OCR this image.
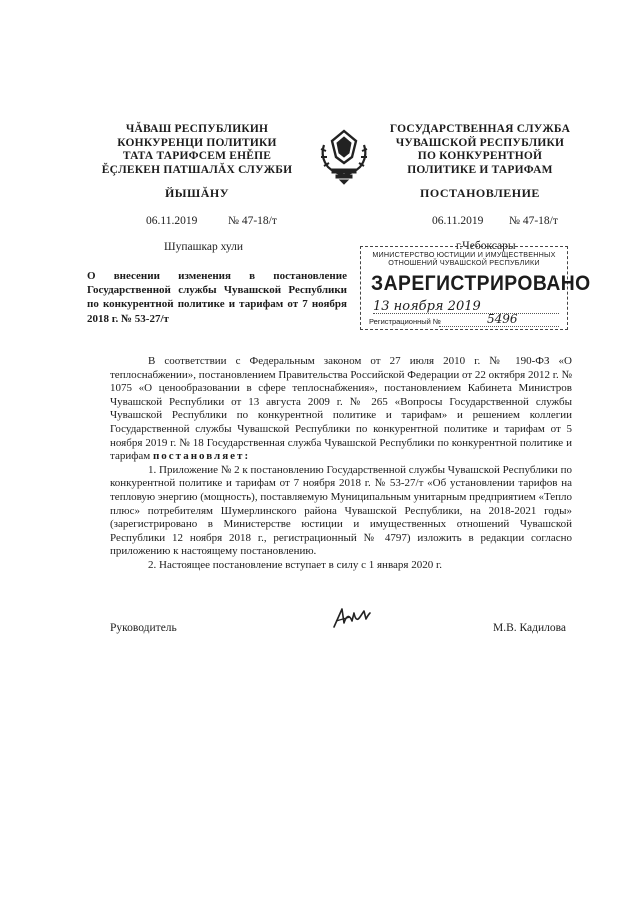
ЧĂВАШ РЕСПУБЛИКИН
КОНКУРЕНЦИ ПОЛИТИКИ
ТАТА ТАРИФСЕМ ЕНĚПЕ
ĔÇЛЕКЕН ПАТШАЛĂХ СЛУЖБИ
ГОСУДАРСТВЕННАЯ СЛУЖБА
ЧУВАШСКОЙ РЕСПУБЛИКИ
ПО КОНКУРЕНТНОЙ
ПОЛИТИКЕ И ТАРИФАМ
ЙЫШĂНУ	ПОСТАНОВЛЕНИЕ
06.11.2019	№ 47-18/т	06.11.2019 № 47-18/т
Шупашкар хули	г.Чебоксары
О внесении изменения в постановление Государственной службы Чувашской Республики по конкурентной политике и тарифам от 7 ноября 2018 г. № 53-27/т
МИНИСТЕРСТВО ЮСТИЦИИ И ИМУЩЕСТВЕННЫХ
ОТНОШЕНИЙ ЧУВАШСКОЙ РЕСПУБЛИКИ
ЗАРЕГИСТРИРОВАНО
13 ноября 2019
Регистрационный №	5496

В соответствии с Федеральным законом от 27 июля 2010 г. № 190-ФЗ «О теплоснабжении», постановлением Правительства Российской Федерации от 22 октября 2012 г. № 1075 «О ценообразовании в сфере теплоснабжения», постановлением Кабинета Министров Чувашской Республики от 13 августа 2009 г. № 265 «Вопросы Государственной службы Чувашской Республики по конкурентной политике и тарифам» и решением коллегии Государственной службы Чувашской Республики по конкурентной политике и тарифам от 5 ноября 2019 г. № 18 Государственная служба Чувашской Республики по конкурентной политике и тарифам постановляет:

1. Приложение № 2 к постановлению Государственной службы Чувашской Республики по конкурентной политике и тарифам от 7 ноября 2018 г. № 53-27/т «Об установлении тарифов на тепловую энергию (мощность), поставляемую Муниципальным унитарным предприятием «Тепло плюс» потребителям Шумерлинского района Чувашской Республики, на 2018-2021 годы» (зарегистрировано в Министерстве юстиции и имущественных отношений Чувашской Республики 12 ноября 2018 г., регистрационный № 4797) изложить в редакции согласно приложению к настоящему постановлению.

2. Настоящее постановление вступает в силу с 1 января 2020 г.

Руководитель	М.В. Кадилова
